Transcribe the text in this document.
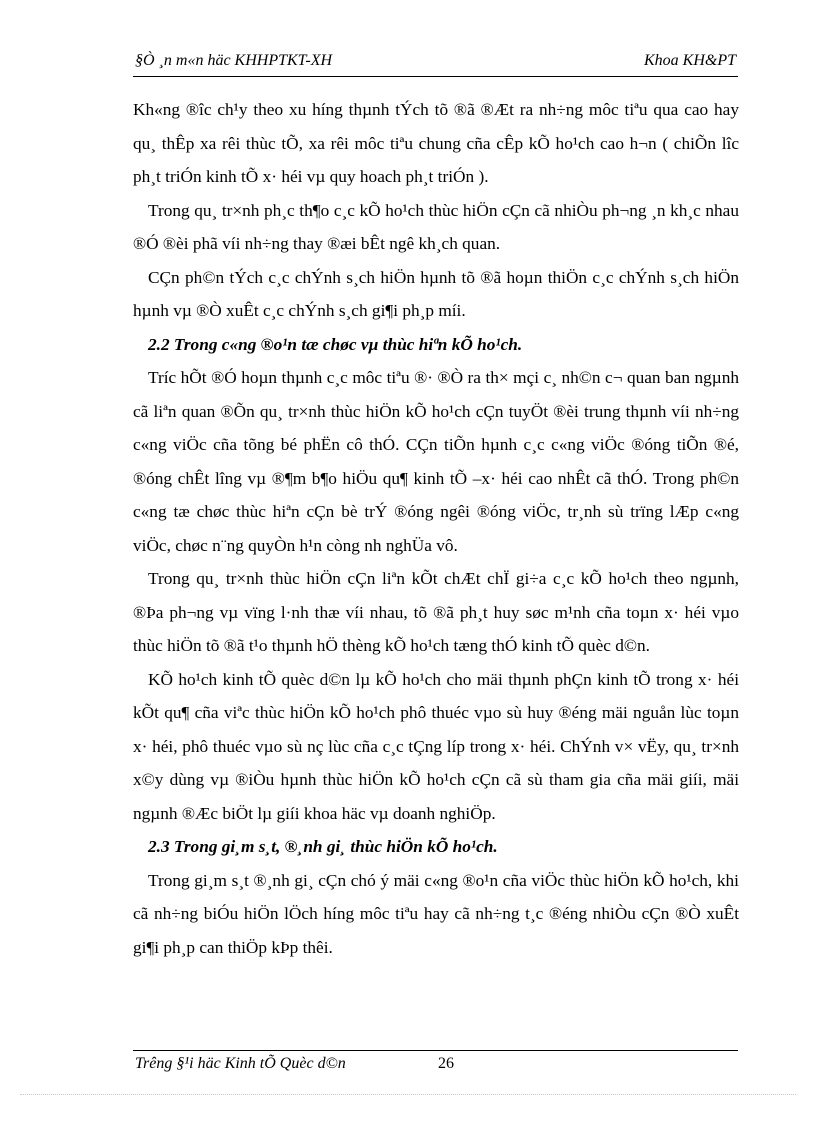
§Ò ¸n m«n häc KHHPTKT-XH	Khoa KH&PT

Kh«ng ®îc ch¹y theo xu híng thµnh tÝch tõ ®ã ®Æt ra nh÷ng môc tiªu qua cao hay qu¸ thÊp xa rêi thùc tÕ, xa rêi môc tiªu chung cña cÊp kÕ ho¹ch cao h¬n ( chiÕn lîc ph¸t triÓn kinh tÕ x· héi vµ quy hoach ph¸t triÓn ).

Trong qu¸ tr×nh ph¸c th¶o c¸c kÕ ho¹ch thùc hiÖn cÇn cã nhiÒu ph¬ng ¸n kh¸c nhau ®Ó ®èi phã víi nh÷ng thay ®æi bÊt ngê kh¸ch quan.

CÇn ph©n tÝch c¸c chÝnh s¸ch hiÖn hµnh tõ ®ã hoµn thiÖn c¸c chÝnh s¸ch hiÖn hµnh vµ ®Ò xuÊt c¸c chÝnh s¸ch gi¶i ph¸p míi.

2.2 Trong c«ng ®o¹n tæ chøc vµ thùc hiªn kÕ ho¹ch.

Tríc hÕt ®Ó hoµn thµnh c¸c môc tiªu ®· ®Ò ra th× mçi c¸ nh©n c¬ quan ban ngµnh cã liªn quan ®Õn qu¸ tr×nh thùc hiÖn kÕ ho¹ch cÇn tuyÖt ®èi trung thµnh víi nh÷ng c«ng viÖc cña tõng bé phËn cô thÓ. CÇn tiÕn hµnh c¸c c«ng viÖc ®óng tiÕn ®é, ®óng chÊt lîng vµ ®¶m b¶o hiÖu qu¶ kinh tÕ –x· héi cao nhÊt cã thÓ. Trong ph©n c«ng tæ chøc thùc hiªn cÇn bè trÝ ®óng ngêi ®óng viÖc, tr¸nh sù trïng lÆp c«ng viÖc, chøc n¨ng quyÒn h¹n còng nh nghÜa vô.

Trong qu¸ tr×nh thùc hiÖn cÇn liªn kÕt chÆt chÏ gi÷a c¸c kÕ ho¹ch theo ngµnh, ®Þa ph¬ng vµ vïng l·nh thæ víi nhau, tõ ®ã ph¸t huy søc m¹nh cña toµn x· héi vµo thùc hiÖn tõ ®ã t¹o thµnh hÖ thèng kÕ ho¹ch tæng thÓ kinh tÕ quèc d©n.

KÕ ho¹ch kinh tÕ quèc d©n lµ kÕ ho¹ch cho mäi thµnh phÇn kinh tÕ trong x· héi kÕt qu¶ cña viªc thùc hiÖn kÕ ho¹ch phô thuéc vµo sù huy ®éng mäi nguån lùc toµn x· héi, phô thuéc vµo sù nç lùc cña c¸c tÇng líp trong x· héi. ChÝnh v× vËy, qu¸ tr×nh x©y dùng vµ ®iÒu hµnh thùc hiÖn kÕ ho¹ch cÇn cã sù tham gia cña mäi giíi, mäi ngµnh ®Æc biÖt lµ giíi khoa häc vµ doanh nghiÖp.

2.3 Trong gi¸m s¸t, ®¸nh gi¸ thùc hiÖn kÕ ho¹ch.

Trong gi¸m s¸t ®¸nh gi¸ cÇn chó ý mäi c«ng ®o¹n cña viÖc thùc hiÖn kÕ ho¹ch, khi cã nh÷ng biÓu hiÖn lÖch híng môc tiªu hay cã nh÷ng t¸c ®éng nhiÒu cÇn ®Ò xuÊt gi¶i ph¸p can thiÖp kÞp thêi.

Trêng §¹i häc Kinh tÕ Quèc d©n	26
